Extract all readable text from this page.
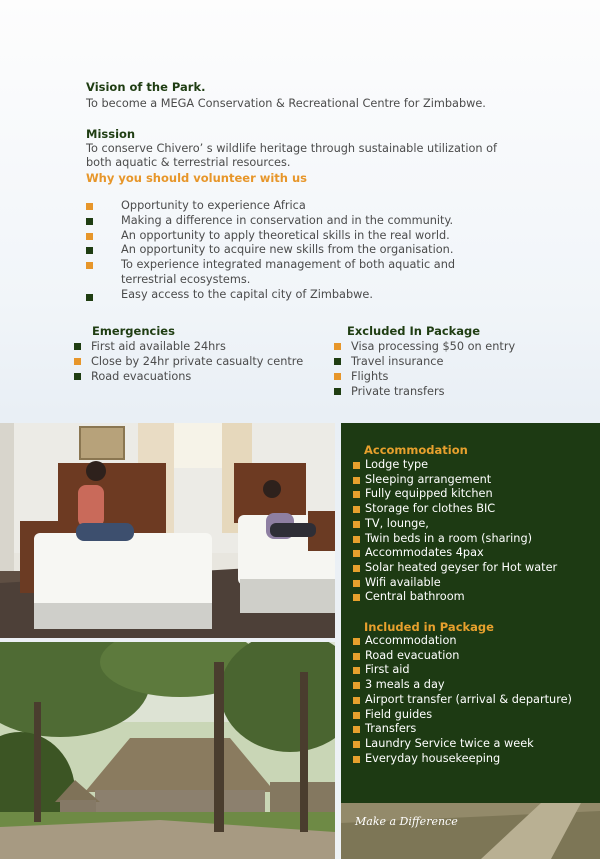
Vision of the Park.
To become a MEGA Conservation & Recreational Centre for Zimbabwe.
Mission
To conserve Chivero’ s wildlife heritage through sustainable utilization of both aquatic & terrestrial resources.
Why you should volunteer with us
Opportunity to experience Africa
Making a difference in conservation and in the community.
An opportunity to apply theoretical skills in the real world.
An opportunity to acquire new skills from the organisation.
To experience integrated management of both aquatic and terrestrial ecosystems.
Easy access to the capital city of Zimbabwe.
Emergencies
First aid available 24hrs
Close by 24hr private casualty centre
Road evacuations
Excluded In Package
Visa processing $50 on entry
Travel insurance
Flights
Private transfers
Accommodation
Lodge type
Sleeping arrangement
Fully equipped kitchen
Storage for clothes BIC
TV, lounge,
Twin beds in a room (sharing)
Accommodates 4pax
Solar heated geyser for Hot water
Wifi available
Central bathroom
Included in Package
Accommodation
Road evacuation
First aid
3 meals a day
Airport transfer (arrival & departure)
Field guides
Transfers
Laundry Service twice a week
Everyday housekeeping
Make a Difference
